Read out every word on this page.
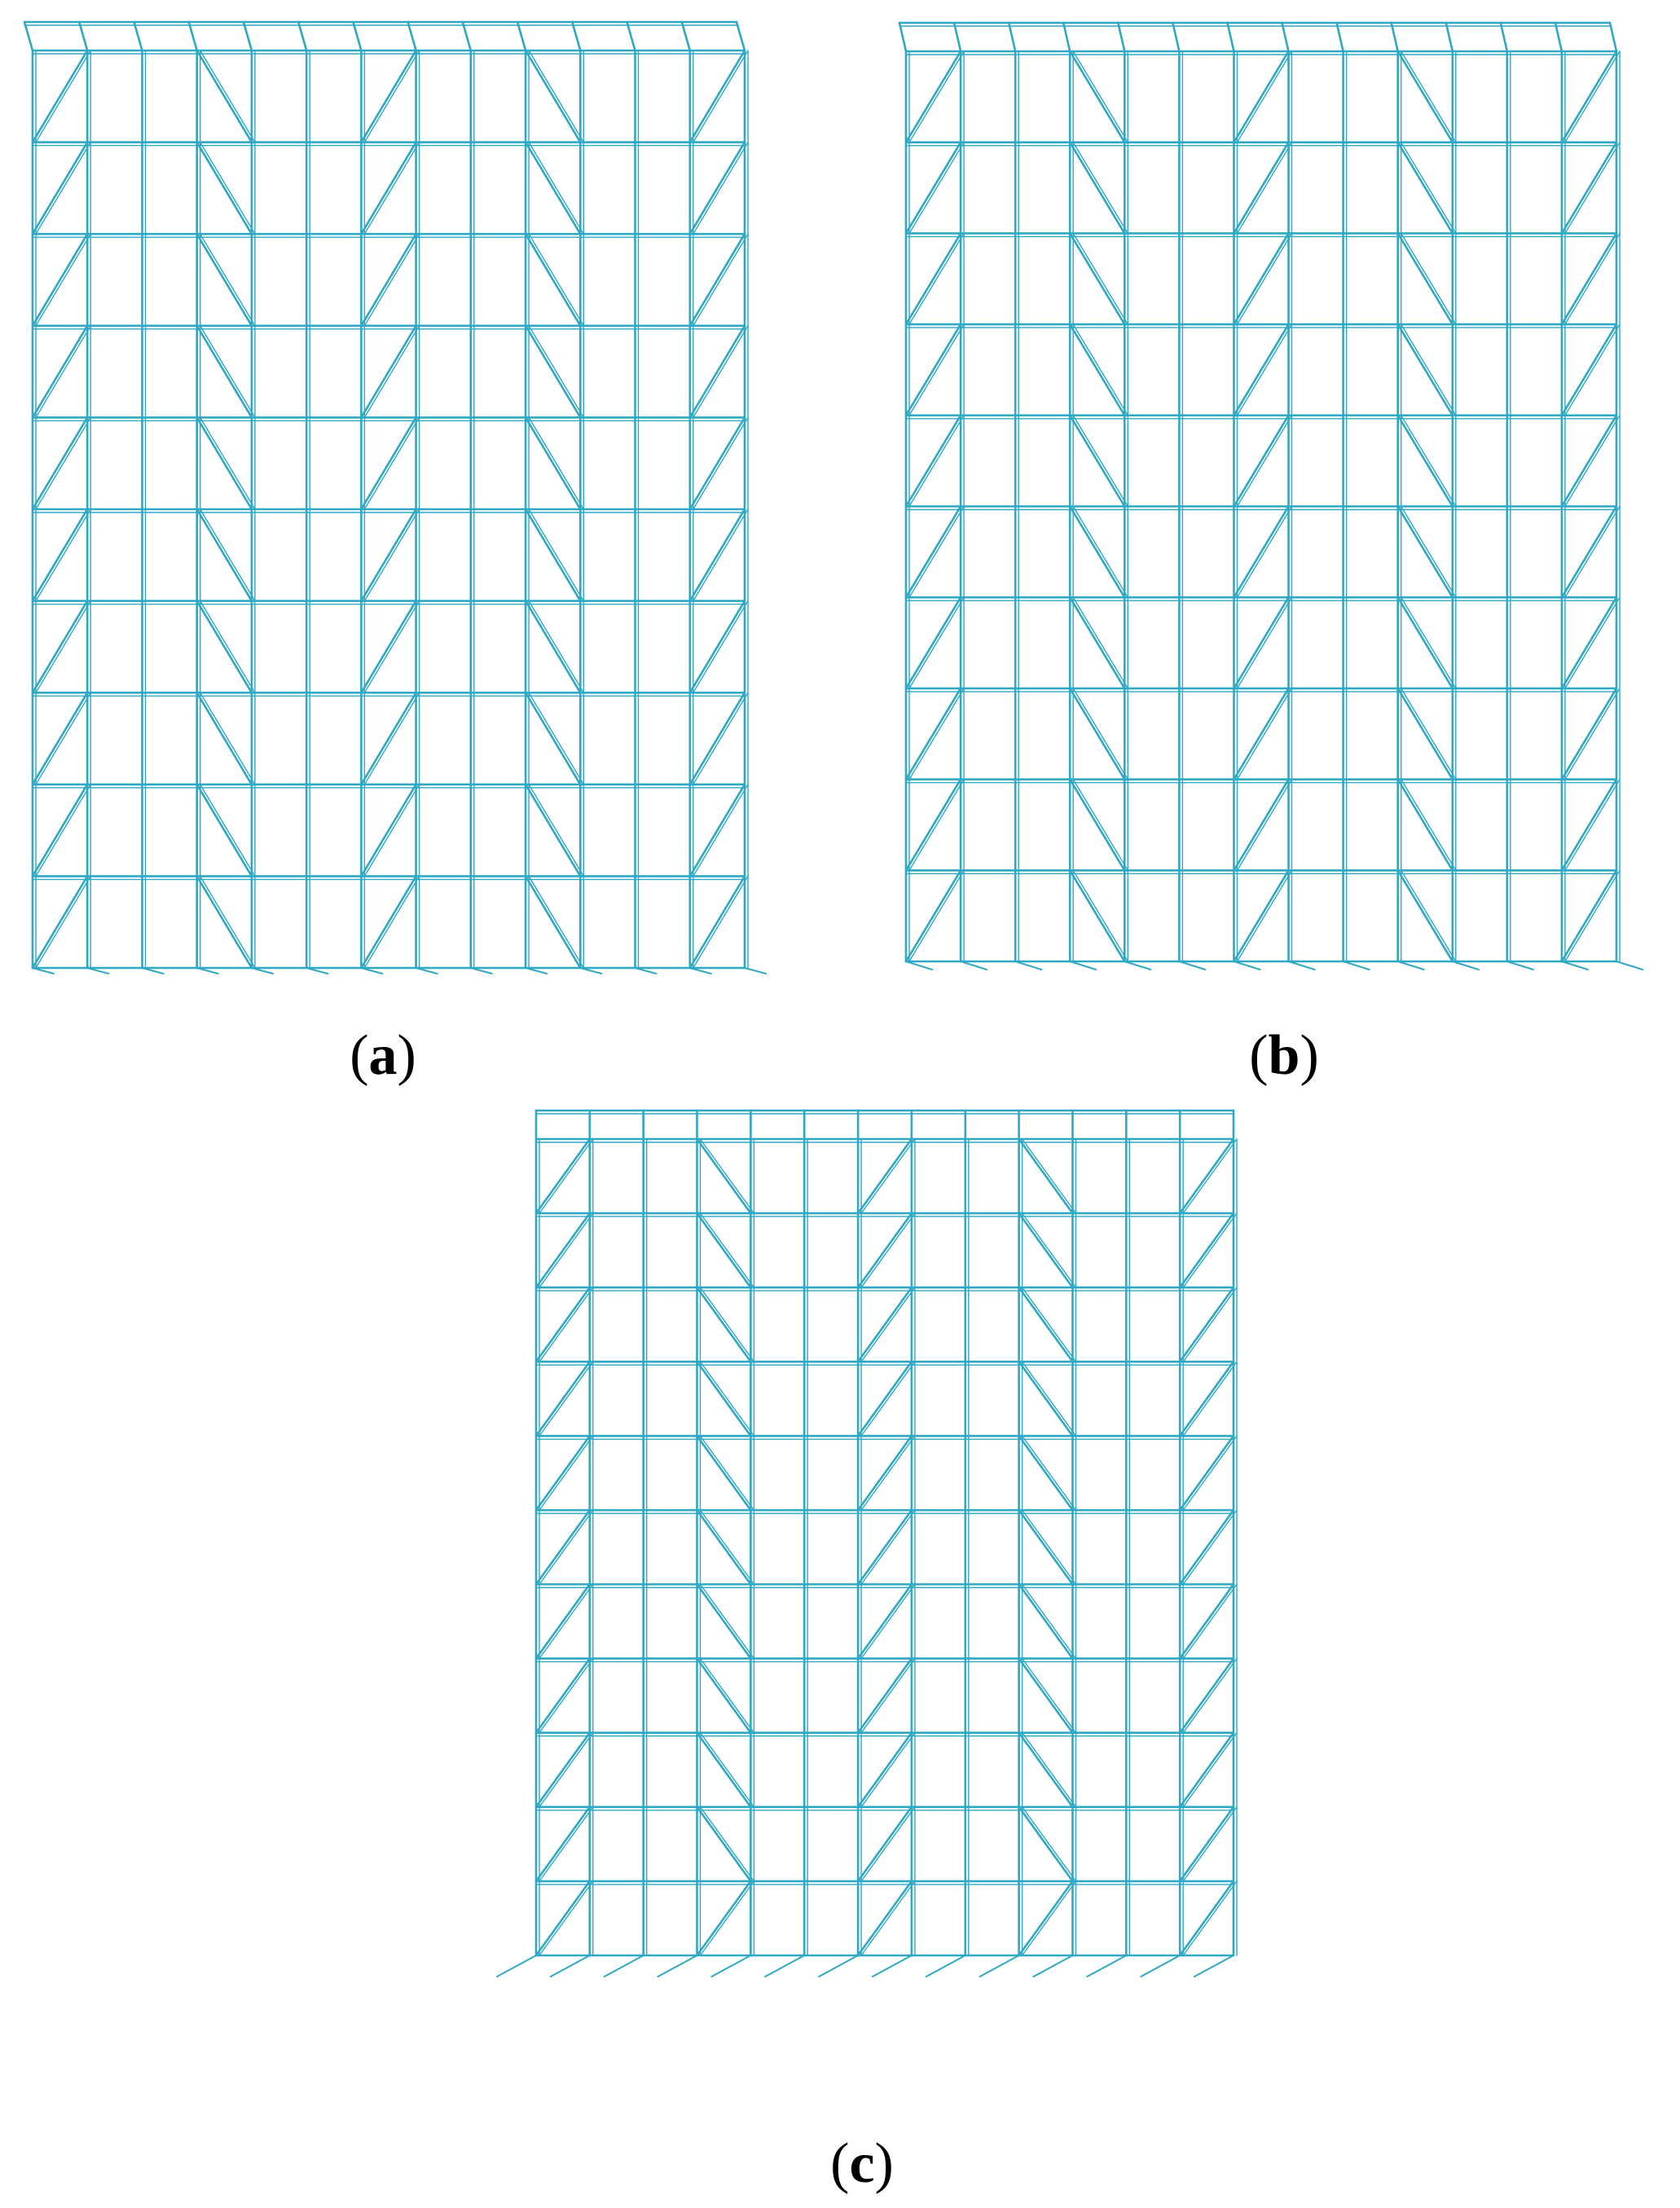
(a)	(b)
(c)
